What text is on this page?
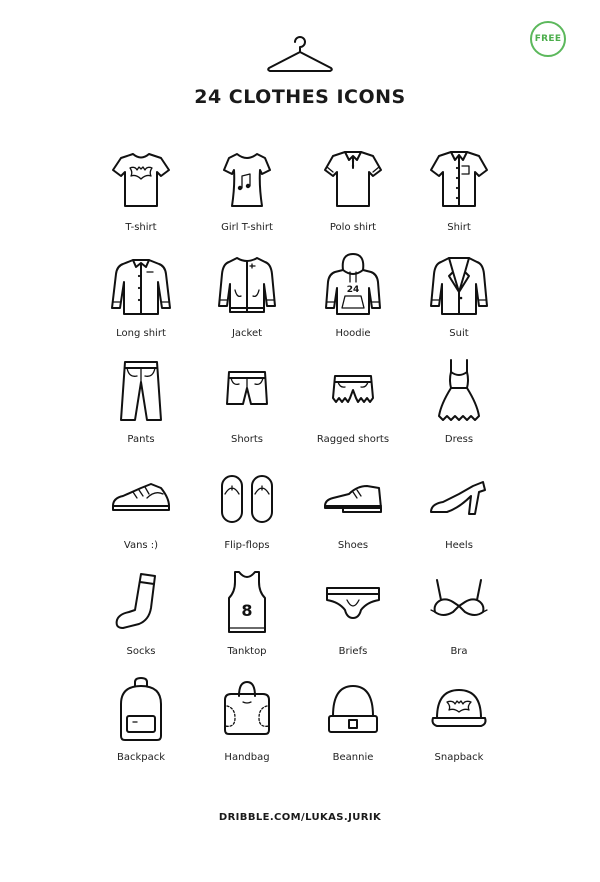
FREE
24 CLOTHES ICONS
T-shirt	Girl T-shirt	Polo shirt	Shirt
Long shirt	Jacket
24
Hoodie	Suit
Pants	Shorts	Ragged shorts	Dress
Vans :)	Flip-flops	Shoes	Heels
Socks
8
Tanktop	Briefs	Bra
Backpack	Handbag	Beannie	Snapback
DRIBBLE.COM/LUKAS.JURIK
